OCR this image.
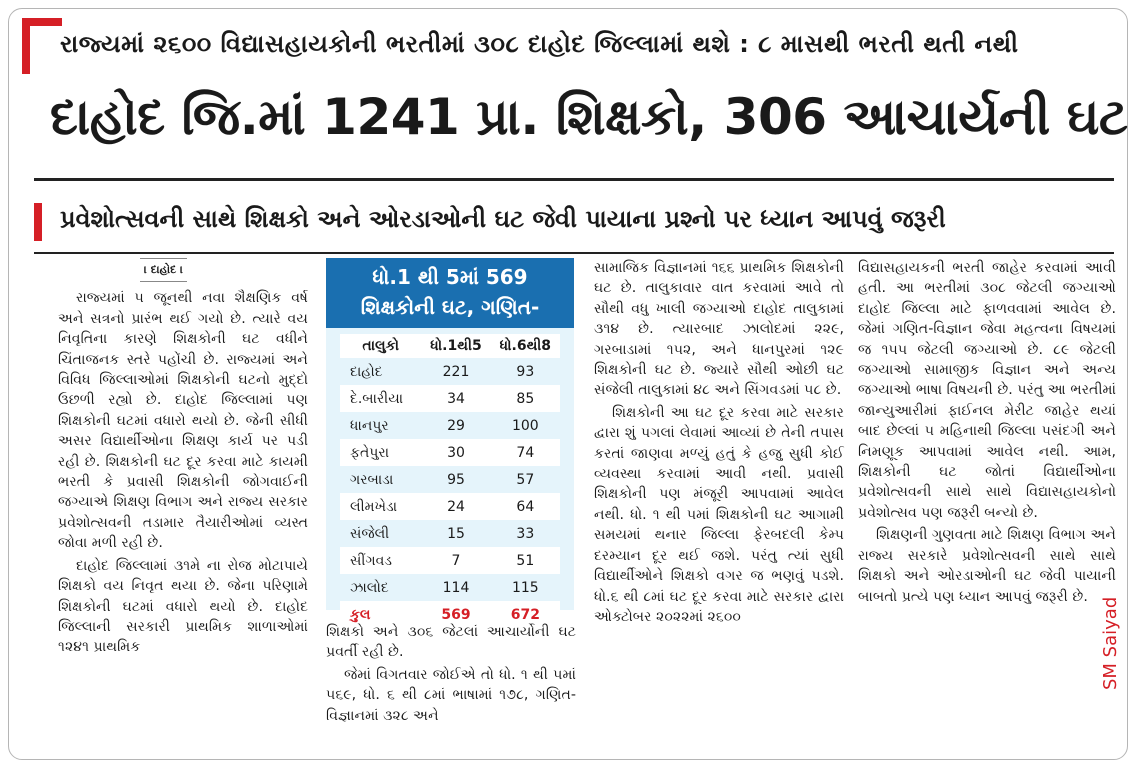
રાજ્યમાં ૨૬૦૦ વિદ્યાસહાયકોની ભરતીમાં ૩૦૮ દાહોદ જિલ્લામાં થશે : ૮ માસથી ભરતી થતી નથી
દાહોદ જિ.માં 1241 પ્રા. શિક્ષકો, 306 આચાર્યની ઘટ
પ્રવેશોત્સવની સાથે શિક્ષકો અને ઓરડાઓની ઘટ જેવી પાયાના પ્રશ્નો પર ધ્યાન આપવું જરૂરી
। દાહોદ ।

રાજ્યમાં ૫ જૂનથી નવા શૈક્ષણિક વર્ષ અને સત્રનો પ્રારંભ થઈ ગયો છે. ત્યારે વય નિવૃતિના કારણે શિક્ષકોની ઘટ વધીને ચિંતાજનક સ્તરે પહોંચી છે. રાજ્યમાં અને વિવિધ જિલ્લાઓમાં શિક્ષકોની ઘટનો મુદ્દો ઉછળી રહ્યો છે. દાહોદ જિલ્લામાં પણ શિક્ષકોની ઘટમાં વધારો થયો છે. જેની સીધી અસર વિદ્યાર્થીઓના શિક્ષણ કાર્ય પર પડી રહી છે. શિક્ષકોની ઘટ દૂર કરવા માટે કાયમી ભરતી કે પ્રવાસી શિક્ષકોની જોગવાઈની જગ્યાએ શિક્ષણ વિભાગ અને રાજ્ય સરકાર પ્રવેશોત્સવની તડામાર તૈયારીઓમાં વ્યસ્ત જોવા મળી રહી છે.

દાહોદ જિલ્લામાં ૩૧મે ના રોજ મોટાપાયે શિક્ષકો વય નિવૃત થયા છે. જેના પરિણામે શિક્ષકોની ઘટમાં વધારો થયો છે. દાહોદ જિલ્લાની સરકારી પ્રાથમિક શાળાઓમાં ૧૨૪૧ પ્રાથમિક

ધો.1 થી 5માં 569
શિક્ષકોની ઘટ, ગણિત-
તાલુકો	ધો.1થી5	ધો.6થી8
દાહોદ	221	93
દે.બારીયા	34	85
ધાનપુર	29	100
ફતેપુરા	30	74
ગરબાડા	95	57
લીમખેડા	24	64
સંજેલી	15	33
સીંગવડ	7	51
ઝાલોદ	114	115
કુલ	569	672

શિક્ષકો અને ૩૦૬ જેટલાં આચાર્યોની ઘટ પ્રવર્તી રહી છે.

જેમાં વિગતવાર જોઈએ તો ધો. ૧ થી ૫માં ૫૬૯, ધો. ૬ થી ૮માં ભાષામાં ૧૭૮, ગણિત-વિજ્ઞાનમાં ૩૨૮ અને

સામાજિક વિજ્ઞાનમાં ૧૬૬ પ્રાથમિક શિક્ષકોની ઘટ છે. તાલુકાવાર વાત કરવામાં આવે તો સૌથી વધુ ખાલી જગ્યાઓ દાહોદ તાલુકામાં ૩૧૪ છે. ત્યારબાદ ઝાલોદમાં ૨૨૯, ગરબાડામાં ૧૫૨, અને ધાનપુરમાં ૧૨૯ શિક્ષકોની ઘટ છે. જ્યારે સૌથી ઓછી ઘટ સંજેલી તાલુકામાં ૪૮ અને સિંગવડમાં ૫૮ છે.

શિક્ષકોની આ ઘટ દૂર કરવા માટે સરકાર દ્વારા શું પગલાં લેવામાં આવ્યાં છે તેની તપાસ કરતાં જાણવા મળ્યું હતું કે હજુ સુધી કોઈ વ્યવસ્થા કરવામાં આવી નથી. પ્રવાસી શિક્ષકોની પણ મંજૂરી આપવામાં આવેલ નથી. ધો. ૧ થી ૫માં શિક્ષકોની ઘટ આગામી સમયમાં થનાર જિલ્લા ફેરબદલી કેમ્પ દરમ્યાન દૂર થઈ જશે. પરંતુ ત્યાં સુધી વિદ્યાર્થીઓને શિક્ષકો વગર જ ભણવું પડશે. ધો.૬ થી ૮માં ઘટ દૂર કરવા માટે સરકાર દ્વારા ઓક્ટોબર ૨૦૨૨માં ૨૬૦૦

વિદ્યાસહાયકની ભરતી જાહેર કરવામાં આવી હતી. આ ભરતીમાં ૩૦૮ જેટલી જગ્યાઓ દાહોદ જિલ્લા માટે ફાળવવામાં આવેલ છે. જેમાં ગણિત-વિજ્ઞાન જેવા મહત્વના વિષયમાં જ ૧૫૫ જેટલી જગ્યાઓ છે. ૮૯ જેટલી જગ્યાઓ સામાજીક વિજ્ઞાન અને અન્ય જગ્યાઓ ભાષા વિષયની છે. પરંતુ આ ભરતીમાં જાન્યુઆરીમાં ફાઈનલ મેરીટ જાહેર થયાં બાદ છેલ્લાં ૫ મહિનાથી જિલ્લા પસંદગી અને નિમણૂક આપવામાં આવેલ નથી. આમ, શિક્ષકોની ઘટ જોતાં વિદ્યાર્થીઓના પ્રવેશોત્સવની સાથે સાથે વિદ્યાસહાયકોનો પ્રવેશોત્સવ પણ જરૂરી બન્યો છે.

શિક્ષણની ગુણવતા માટે શિક્ષણ વિભાગ અને રાજ્ય સરકારે પ્રવેશોત્સવની સાથે સાથે શિક્ષકો અને ઓરડાઓની ઘટ જેવી પાયાની બાબતો પ્રત્યે પણ ધ્યાન આપવું જરૂરી છે.

SM Saiyad
